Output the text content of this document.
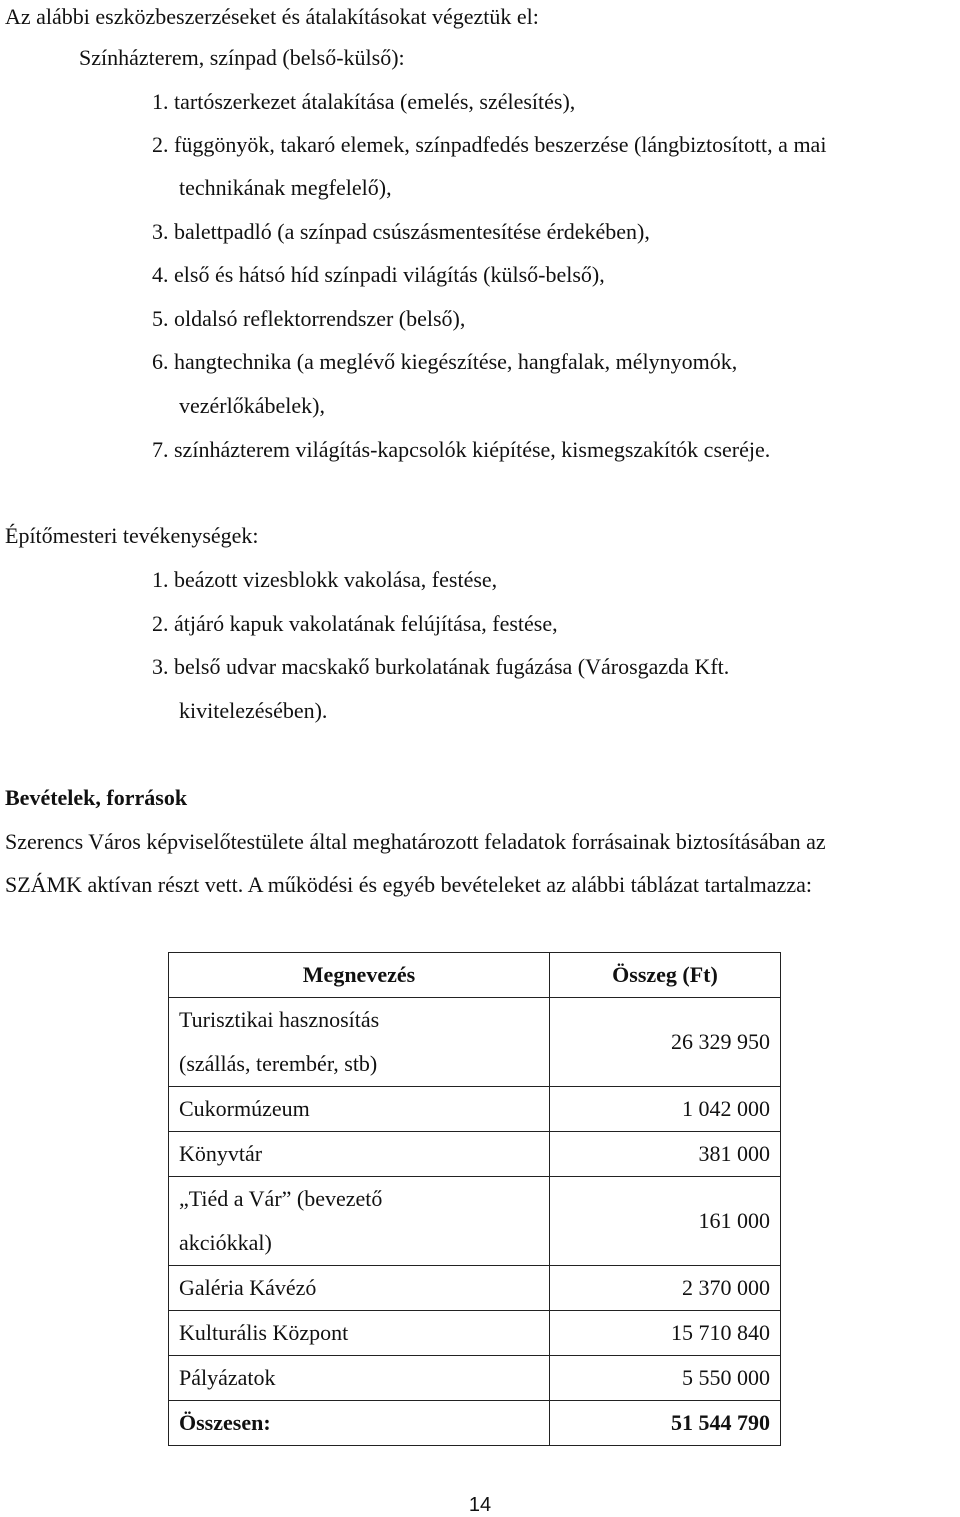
Az alábbi eszközbeszerzéseket és átalakításokat végeztük el:
Színházterem, színpad (belső-külső):
1. tartószerkezet átalakítása (emelés, szélesítés),
2. függönyök, takaró elemek, színpadfedés beszerzése (lángbiztosított, a mai
technikának megfelelő),
3. balettpadló (a színpad csúszásmentesítése érdekében),
4. első és hátsó híd színpadi világítás (külső-belső),
5. oldalsó reflektorrendszer (belső),
6. hangtechnika (a meglévő kiegészítése, hangfalak, mélynyomók,
vezérlőkábelek),
7. színházterem világítás-kapcsolók kiépítése, kismegszakítók cseréje.
Építőmesteri tevékenységek:
1. beázott vizesblokk vakolása, festése,
2. átjáró kapuk vakolatának felújítása, festése,
3. belső udvar macskakő burkolatának fugázása (Városgazda Kft.
kivitelezésében).
Bevételek, források
Szerencs Város képviselőtestülete által meghatározott feladatok forrásainak biztosításában az
SZÁMK aktívan részt vett. A működési és egyéb bevételeket az alábbi táblázat tartalmazza:
Megnevezés	Összeg (Ft)

Turisztikai hasznosítás
(szállás, terembér, stb)	26 329 950
Cukormúzeum	1 042 000
Könyvtár	381 000

„Tiéd a Vár” (bevezető
akciókkal)	161 000
Galéria Kávézó	2 370 000
Kulturális Központ	15 710 840
Pályázatok	5 550 000
Összesen:	51 544 790
14
